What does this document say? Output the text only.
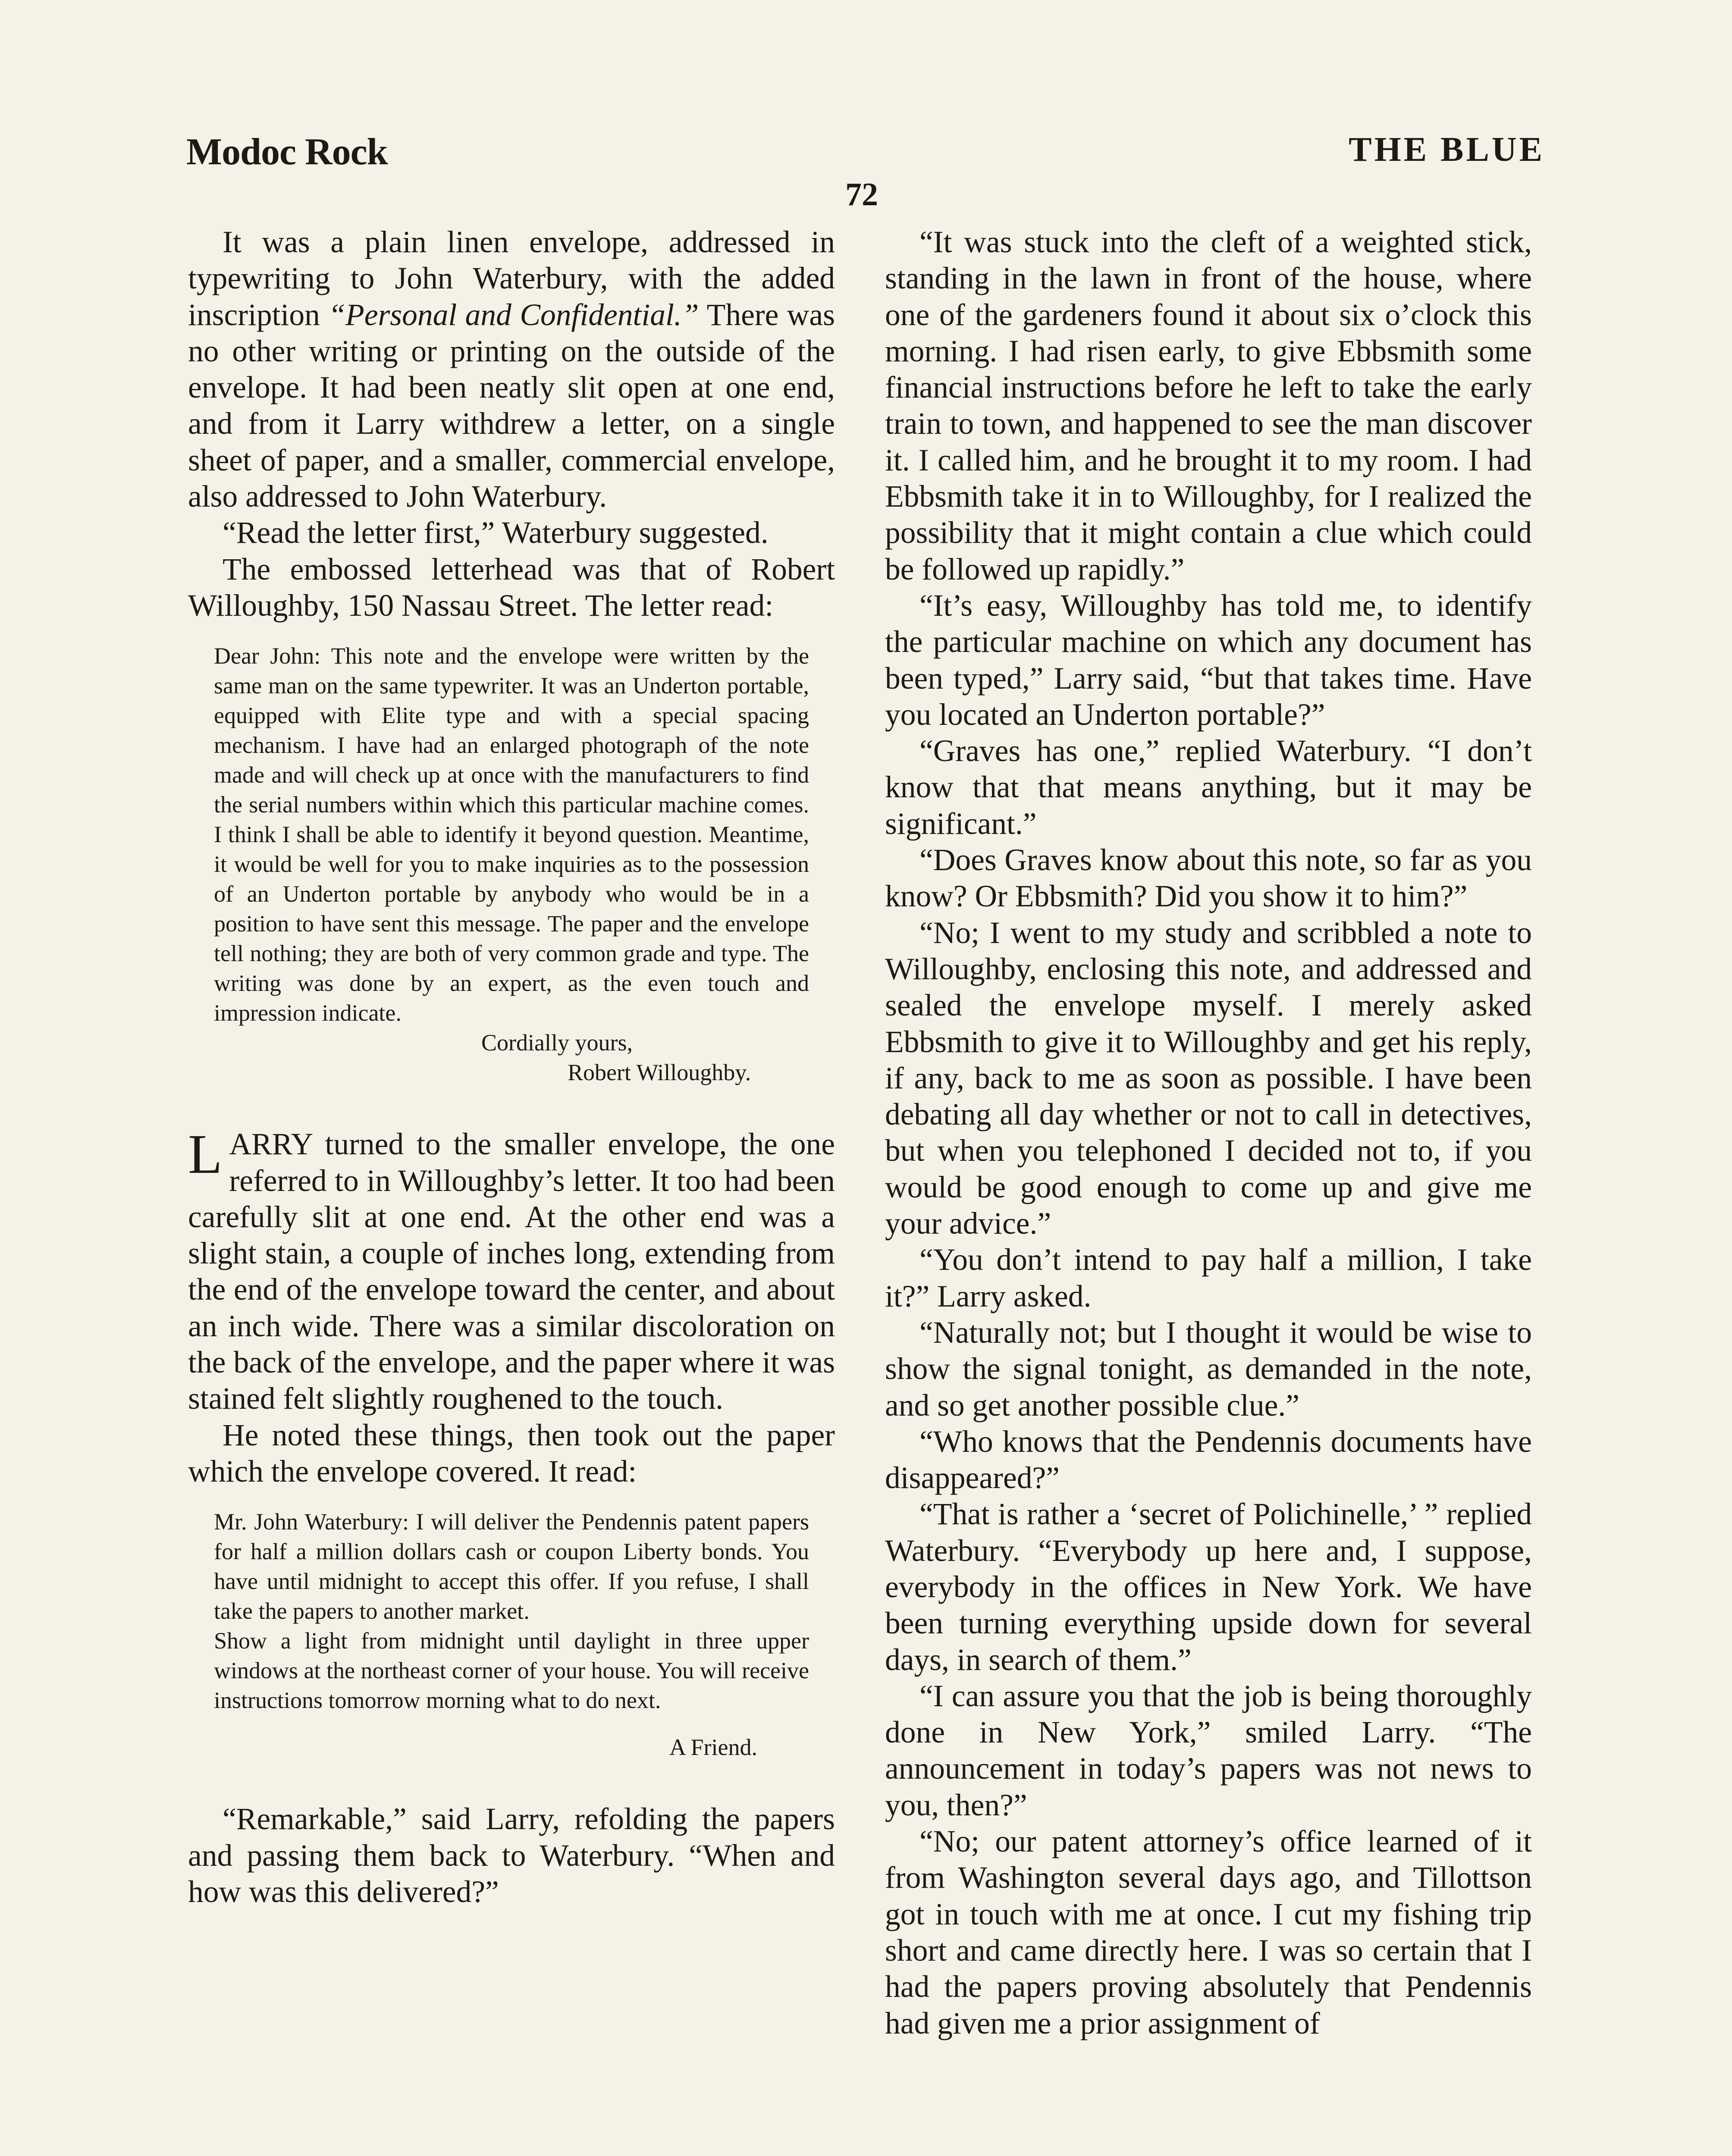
Modoc Rock	THE BLUE
72

It was a plain linen envelope, addressed in typewriting to John Waterbury, with the added inscription “Personal and Confidential.” There was no other writing or printing on the outside of the envelope. It had been neatly slit open at one end, and from it Larry withdrew a letter, on a single sheet of paper, and a smaller, commercial envelope, also addressed to John Waterbury.

“Read the letter first,” Waterbury suggested.

The embossed letterhead was that of Robert Willoughby, 150 Nassau Street. The letter read:

Dear John: This note and the envelope were written by the same man on the same typewriter. It was an Underton portable, equipped with Elite type and with a special spacing mechanism. I have had an enlarged photograph of the note made and will check up at once with the manufacturers to find the serial numbers within which this particular machine comes. I think I shall be able to identify it beyond question. Meantime, it would be well for you to make inquiries as to the possession of an Underton portable by anybody who would be in a position to have sent this message. The paper and the envelope tell nothing; they are both of very common grade and type. The writing was done by an expert, as the even touch and impression indicate.

Cordially yours,
Robert Willoughby.

LARRY turned to the smaller envelope, the one referred to in Willoughby’s letter. It too had been carefully slit at one end. At the other end was a slight stain, a couple of inches long, extending from the end of the envelope toward the center, and about an inch wide. There was a similar discoloration on the back of the envelope, and the paper where it was stained felt slightly roughened to the touch.

He noted these things, then took out the paper which the envelope covered. It read:

Mr. John Waterbury: I will deliver the Pendennis patent papers for half a million dollars cash or coupon Liberty bonds. You have until midnight to accept this offer. If you refuse, I shall take the papers to another market.

Show a light from midnight until daylight in three upper windows at the northeast corner of your house. You will receive instructions tomorrow morning what to do next.

A Friend.

“Remarkable,” said Larry, refolding the papers and passing them back to Waterbury. “When and how was this delivered?”

“It was stuck into the cleft of a weighted stick, standing in the lawn in front of the house, where one of the gardeners found it about six o’clock this morning. I had risen early, to give Ebbsmith some financial instructions before he left to take the early train to town, and happened to see the man discover it. I called him, and he brought it to my room. I had Ebbsmith take it in to Willoughby, for I realized the possibility that it might contain a clue which could be followed up rapidly.”

“It’s easy, Willoughby has told me, to identify the particular machine on which any document has been typed,” Larry said, “but that takes time. Have you located an Underton portable?”

“Graves has one,” replied Waterbury. “I don’t know that that means anything, but it may be significant.”

“Does Graves know about this note, so far as you know? Or Ebbsmith? Did you show it to him?”

“No; I went to my study and scribbled a note to Willoughby, enclosing this note, and addressed and sealed the envelope myself. I merely asked Ebbsmith to give it to Willoughby and get his reply, if any, back to me as soon as possible. I have been debating all day whether or not to call in detectives, but when you telephoned I decided not to, if you would be good enough to come up and give me your advice.”

“You don’t intend to pay half a million, I take it?” Larry asked.

“Naturally not; but I thought it would be wise to show the signal tonight, as demanded in the note, and so get another possible clue.”

“Who knows that the Pendennis documents have disappeared?”

“That is rather a ‘secret of Polichinelle,’ ” replied Waterbury. “Everybody up here and, I suppose, everybody in the offices in New York. We have been turning everything upside down for several days, in search of them.”

“I can assure you that the job is being thoroughly done in New York,” smiled Larry. “The announcement in today’s papers was not news to you, then?”

“No; our patent attorney’s office learned of it from Washington several days ago, and Tillottson got in touch with me at once. I cut my fishing trip short and came directly here. I was so certain that I had the papers proving absolutely that Pendennis had given me a prior assignment of
